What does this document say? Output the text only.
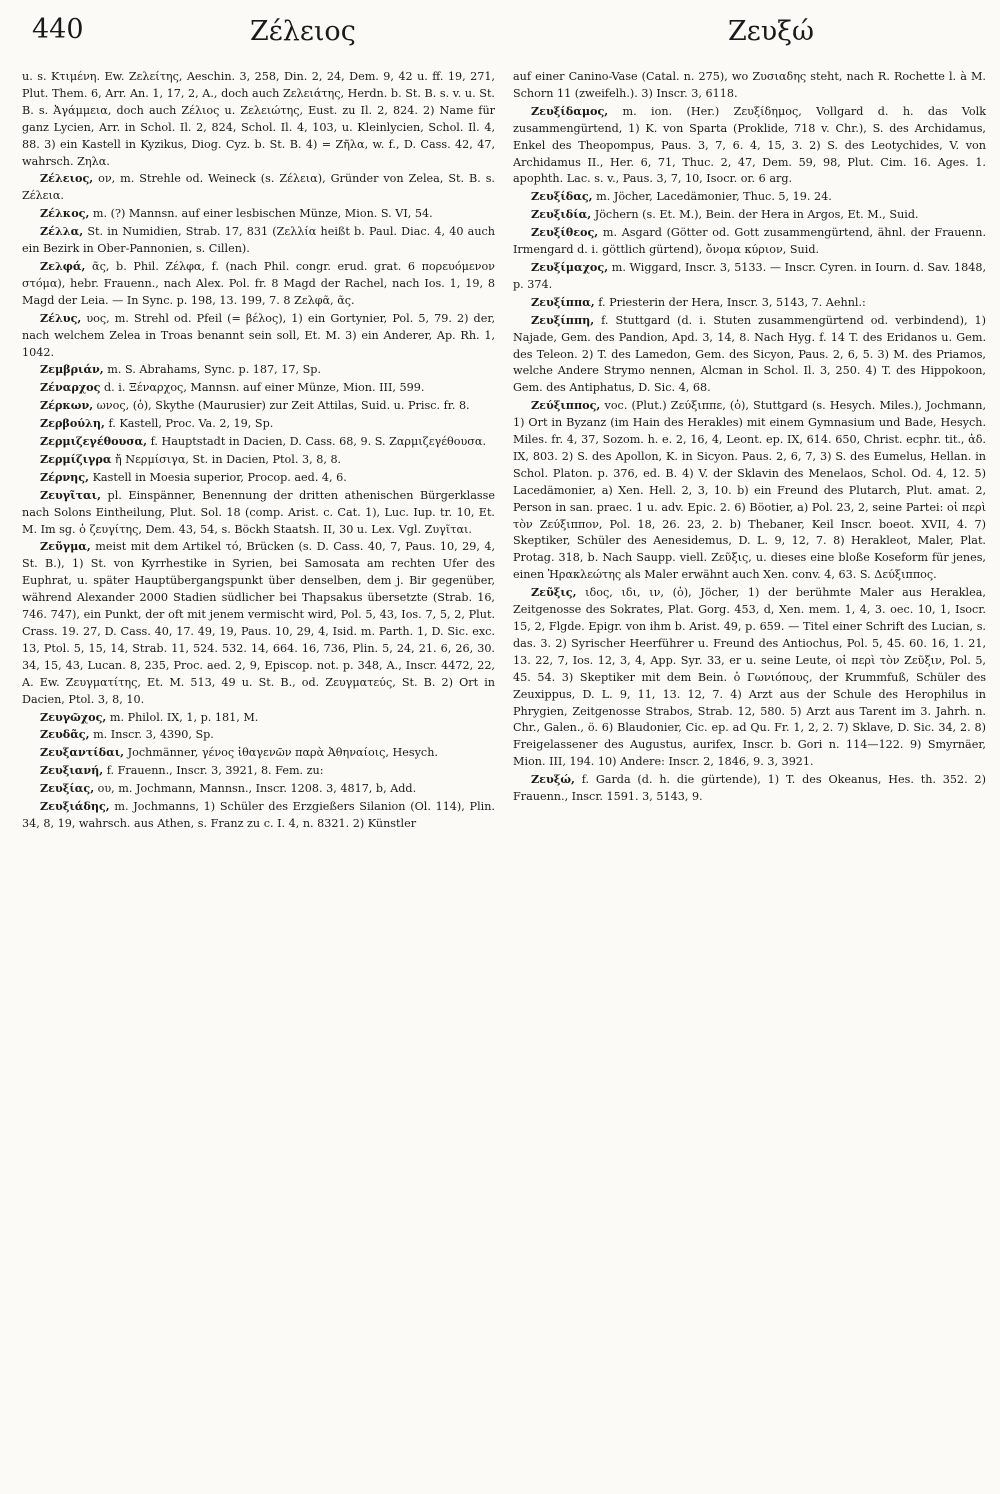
440	Ζέλειος	Ζευξώ

u. s. Κτιμένη. Ew. Ζελείτης, Aeschin. 3, 258, Din. 2, 24, Dem. 9, 42 u. ff. 19, 271, Plut. Them. 6, Arr. An. 1, 17, 2, A., doch auch Ζελειάτης, Herdn. b. St. B. s. v. u. St. B. s. Ἀγάμμεια, doch auch Ζέλιος u. Ζελειώτης, Eust. zu Il. 2, 824. 2) Name für ganz Lycien, Arr. in Schol. Il. 2, 824, Schol. Il. 4, 103, u. Kleinlycien, Schol. Il. 4, 88. 3) ein Kastell in Kyzikus, Diog. Cyz. b. St. B. 4) = Ζῆλα, w. f., D. Cass. 42, 47, wahrsch. Ζηλα.

Ζέλειος, ον, m. Strehle od. Weineck (s. Ζέλεια), Gründer von Zelea, St. B. s. Ζέλεια.

Ζέλκος, m. (?) Mannsn. auf einer lesbischen Münze, Mion. S. VI, 54.

Ζέλλα, St. in Numidien, Strab. 17, 831 (Ζελλία heißt b. Paul. Diac. 4, 40 auch ein Bezirk in Ober-Pannonien, s. Cillen).

Ζελφά, ᾶς, b. Phil. Ζέλφα, f. (nach Phil. congr. erud. grat. 6 πορευόμενον στόμα), hebr. Frauenn., nach Alex. Pol. fr. 8 Magd der Rachel, nach Ios. 1, 19, 8 Magd der Leia. — In Sync. p. 198, 13. 199, 7. 8 Ζελφᾶ, ᾶς.

Ζέλυς, υος, m. Strehl od. Pfeil (= βέλος), 1) ein Gortynier, Pol. 5, 79. 2) der, nach welchem Zelea in Troas benannt sein soll, Et. M. 3) ein Anderer, Ap. Rh. 1, 1042.

Ζεμβριάν, m. S. Abrahams, Sync. p. 187, 17, Sp.

Ζέναρχος d. i. Ξέναρχος, Mannsn. auf einer Münze, Mion. III, 599.

Ζέρκων, ωνος, (ὁ), Skythe (Maurusier) zur Zeit Attilas, Suid. u. Prisc. fr. 8.

Ζερβούλη, f. Kastell, Proc. Va. 2, 19, Sp.

Ζερμιζεγέθουσα, f. Hauptstadt in Dacien, D. Cass. 68, 9. S. Ζαρμιζεγέθουσα.

Ζερμίζιγρα ἤ Νερμίσιγα, St. in Dacien, Ptol. 3, 8, 8.

Ζέρνης, Kastell in Moesia superior, Procop. aed. 4, 6.

Ζευγῖται, pl. Einspänner, Benennung der dritten athenischen Bürgerklasse nach Solons Eintheilung, Plut. Sol. 18 (comp. Arist. c. Cat. 1), Luc. Iup. tr. 10, Et. M. Im sg. ὁ ζευγίτης, Dem. 43, 54, s. Böckh Staatsh. II, 30 u. Lex. Vgl. Ζυγῖται.

Ζεῦγμα, meist mit dem Artikel τό, Brücken (s. D. Cass. 40, 7, Paus. 10, 29, 4, St. B.), 1) St. von Kyrrhestike in Syrien, bei Samosata am rechten Ufer des Euphrat, u. später Hauptübergangspunkt über denselben, dem j. Bir gegenüber, während Alexander 2000 Stadien südlicher bei Thapsakus übersetzte (Strab. 16, 746. 747), ein Punkt, der oft mit jenem vermischt wird, Pol. 5, 43, Ios. 7, 5, 2, Plut. Crass. 19. 27, D. Cass. 40, 17. 49, 19, Paus. 10, 29, 4, Isid. m. Parth. 1, D. Sic. exc. 13, Ptol. 5, 15, 14, Strab. 11, 524. 532. 14, 664. 16, 736, Plin. 5, 24, 21. 6, 26, 30. 34, 15, 43, Lucan. 8, 235, Proc. aed. 2, 9, Episcop. not. p. 348, A., Inscr. 4472, 22, A. Ew. Ζευγματίτης, Et. M. 513, 49 u. St. B., od. Ζευγματεύς, St. B. 2) Ort in Dacien, Ptol. 3, 8, 10.

Ζευγῶχος, m. Philol. IX, 1, p. 181, M.

Ζευδᾶς, m. Inscr. 3, 4390, Sp.

Ζευξαντίδαι, Jochmänner, γένος ἰθαγενῶν παρὰ Ἀθηναίοις, Hesych.

Ζευξιανή, f. Frauenn., Inscr. 3, 3921, 8. Fem. zu:

Ζευξίας, ου, m. Jochmann, Mannsn., Inscr. 1208. 3, 4817, b, Add.

Ζευξιάδης, m. Jochmanns, 1) Schüler des Erzgießers Silanion (Ol. 114), Plin. 34, 8, 19, wahrsch. aus Athen, s. Franz zu c. I. 4, n. 8321. 2) Künstler

auf einer Canino-Vase (Catal. n. 275), wo Ζυσιαδης steht, nach R. Rochette l. à M. Schorn 11 (zweifelh.). 3) Inscr. 3, 6118.

Ζευξίδαμος, m. ion. (Her.) Ζευξίδημος, Vollgard d. h. das Volk zusammengürtend, 1) K. von Sparta (Proklide, 718 v. Chr.), S. des Archidamus, Enkel des Theopompus, Paus. 3, 7, 6. 4, 15, 3. 2) S. des Leotychides, V. von Archidamus II., Her. 6, 71, Thuc. 2, 47, Dem. 59, 98, Plut. Cim. 16. Ages. 1. apophth. Lac. s. v., Paus. 3, 7, 10, Isocr. or. 6 arg.

Ζευξίδας, m. Jöcher, Lacedämonier, Thuc. 5, 19. 24.

Ζευξιδία, Jöchern (s. Et. M.), Bein. der Hera in Argos, Et. M., Suid.

Ζευξίθεος, m. Asgard (Götter od. Gott zusammengürtend, ähnl. der Frauenn. Irmengard d. i. göttlich gürtend), ὄνομα κύριον, Suid.

Ζευξίμαχος, m. Wiggard, Inscr. 3, 5133. — Inscr. Cyren. in Iourn. d. Sav. 1848, p. 374.

Ζευξίππα, f. Priesterin der Hera, Inscr. 3, 5143, 7. Aehnl.:

Ζευξίππη, f. Stuttgard (d. i. Stuten zusammengürtend od. verbindend), 1) Najade, Gem. des Pandion, Apd. 3, 14, 8. Nach Hyg. f. 14 T. des Eridanos u. Gem. des Teleon. 2) T. des Lamedon, Gem. des Sicyon, Paus. 2, 6, 5. 3) M. des Priamos, welche Andere Strymo nennen, Alcman in Schol. Il. 3, 250. 4) T. des Hippokoon, Gem. des Antiphatus, D. Sic. 4, 68.

Ζεύξιππος, voc. (Plut.) Ζεύξιππε, (ὁ), Stuttgard (s. Hesych. Miles.), Jochmann, 1) Ort in Byzanz (im Hain des Herakles) mit einem Gymnasium und Bade, Hesych. Miles. fr. 4, 37, Sozom. h. e. 2, 16, 4, Leont. ep. IX, 614. 650, Christ. ecphr. tit., ἀδ. IX, 803. 2) S. des Apollon, K. in Sicyon. Paus. 2, 6, 7, 3) S. des Eumelus, Hellan. in Schol. Platon. p. 376, ed. B. 4) V. der Sklavin des Menelaos, Schol. Od. 4, 12. 5) Lacedämonier, a) Xen. Hell. 2, 3, 10. b) ein Freund des Plutarch, Plut. amat. 2, Person in san. praec. 1 u. adv. Epic. 2. 6) Böotier, a) Pol. 23, 2, seine Partei: οἱ περὶ τὸν Ζεύξιππον, Pol. 18, 26. 23, 2. b) Thebaner, Keil Inscr. boeot. XVII, 4. 7) Skeptiker, Schüler des Aenesidemus, D. L. 9, 12, 7. 8) Herakleot, Maler, Plat. Protag. 318, b. Nach Saupp. viell. Ζεῦξις, u. dieses eine bloße Koseform für jenes, einen Ἡρακλεώτης als Maler erwähnt auch Xen. conv. 4, 63. S. Δεύξιππος.

Ζεῦξις, ιδος, ιδι, ιν, (ὁ), Jöcher, 1) der berühmte Maler aus Heraklea, Zeitgenosse des Sokrates, Plat. Gorg. 453, d, Xen. mem. 1, 4, 3. oec. 10, 1, Isocr. 15, 2, Flgde. Epigr. von ihm b. Arist. 49, p. 659. — Titel einer Schrift des Lucian, s. das. 3. 2) Syrischer Heerführer u. Freund des Antiochus, Pol. 5, 45. 60. 16, 1. 21, 13. 22, 7, Ios. 12, 3, 4, App. Syr. 33, er u. seine Leute, οἱ περὶ τὸν Ζεῦξιν, Pol. 5, 45. 54. 3) Skeptiker mit dem Bein. ὁ Γωνιόπους, der Krummfuß, Schüler des Zeuxippus, D. L. 9, 11, 13. 12, 7. 4) Arzt aus der Schule des Herophilus in Phrygien, Zeitgenosse Strabos, Strab. 12, 580. 5) Arzt aus Tarent im 3. Jahrh. n. Chr., Galen., ö. 6) Blaudonier, Cic. ep. ad Qu. Fr. 1, 2, 2. 7) Sklave, D. Sic. 34, 2. 8) Freigelassener des Augustus, aurifex, Inscr. b. Gori n. 114—122. 9) Smyrnäer, Mion. III, 194. 10) Andere: Inscr. 2, 1846, 9. 3, 3921.

Ζευξώ, f. Garda (d. h. die gürtende), 1) T. des Okeanus, Hes. th. 352. 2) Frauenn., Inscr. 1591. 3, 5143, 9.
